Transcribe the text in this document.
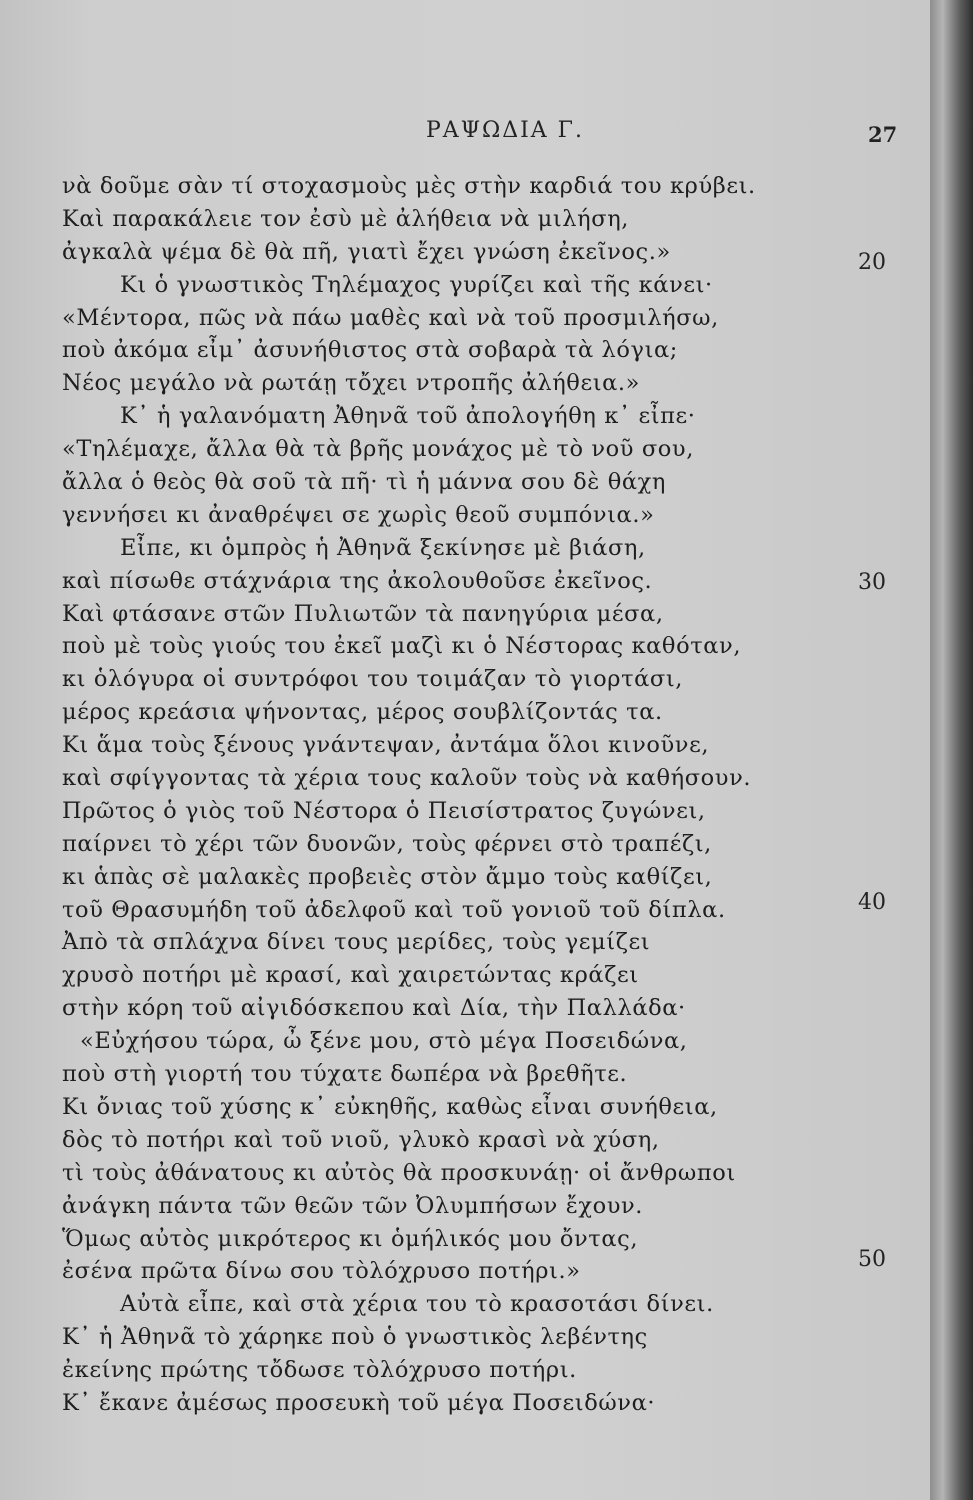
ΡΑΨΩΔΙΑ Γ.	27
νὰ δοῦμε σὰν τί στοχασμοὺς μὲς στὴν καρδιά του κρύβει.
Καὶ παρακάλειε τον ἐσὺ μὲ ἀλήθεια νὰ μιλήση,
ἀγκαλὰ ψέμα δὲ θὰ πῆ, γιατὶ ἔχει γνώση ἐκεῖνος.»
Κι ὁ γνωστικὸς Τηλέμαχος γυρίζει καὶ τῆς κάνει·
«Μέντορα, πῶς νὰ πάω μαθὲς καὶ νὰ τοῦ προσμιλήσω,
ποὺ ἀκόμα εἶμ᾿ ἀσυνήθιστος στὰ σοβαρὰ τὰ λόγια;
Νέος μεγάλο νὰ ρωτάῃ τὄχει ντροπῆς ἀλήθεια.»
Κ᾿ ἡ γαλανόματη Ἀθηνᾶ τοῦ ἀπολογήθη κ᾿ εἶπε·
«Τηλέμαχε, ἄλλα θὰ τὰ βρῆς μονάχος μὲ τὸ νοῦ σου,
ἄλλα ὁ θεὸς θὰ σοῦ τὰ πῆ· τὶ ἡ μάννα σου δὲ θάχη
γεννήσει κι ἀναθρέψει σε χωρὶς θεοῦ συμπόνια.»
Εἶπε, κι ὁμπρὸς ἡ Ἀθηνᾶ ξεκίνησε μὲ βιάση,
καὶ πίσωθε στάχνάρια της ἀκολουθοῦσε ἐκεῖνος.
Καὶ φτάσανε στῶν Πυλιωτῶν τὰ πανηγύρια μέσα,
ποὺ μὲ τοὺς γιούς του ἐκεῖ μαζὶ κι ὁ Νέστορας καθόταν,
κι ὁλόγυρα οἱ συντρόφοι του τοιμάζαν τὸ γιορτάσι,
μέρος κρεάσια ψήνοντας, μέρος σουβλίζοντάς τα.
Κι ἅμα τοὺς ξένους γνάντεψαν, ἀντάμα ὅλοι κινοῦνε,
καὶ σφίγγοντας τὰ χέρια τους καλοῦν τοὺς νὰ καθήσουν.
Πρῶτος ὁ γιὸς τοῦ Νέστορα ὁ Πεισίστρατος ζυγώνει,
παίρνει τὸ χέρι τῶν δυονῶν, τοὺς φέρνει στὸ τραπέζι,
κι ἁπὰς σὲ μαλακὲς προβειὲς στὸν ἄμμο τοὺς καθίζει,
τοῦ Θρασυμήδη τοῦ ἀδελφοῦ καὶ τοῦ γονιοῦ τοῦ δίπλα.
Ἀπὸ τὰ σπλάχνα δίνει τους μερίδες, τοὺς γεμίζει
χρυσὸ ποτήρι μὲ κρασί, καὶ χαιρετώντας κράζει
στὴν κόρη τοῦ αἰγιδόσκεπου καὶ Δία, τὴν Παλλάδα·
«Εὐχήσου τώρα, ὦ ξένε μου, στὸ μέγα Ποσειδώνα,
ποὺ στὴ γιορτή του τύχατε δωπέρα νὰ βρεθῆτε.
Κι ὄνιας τοῦ χύσης κ᾿ εὐκηθῆς, καθὼς εἶναι συνήθεια,
δὸς τὸ ποτήρι καὶ τοῦ νιοῦ, γλυκὸ κρασὶ νὰ χύση,
τὶ τοὺς ἀθάνατους κι αὐτὸς θὰ προσκυνάῃ· οἱ ἄνθρωποι
ἀνάγκη πάντα τῶν θεῶν τῶν Ὀλυμπήσων ἔχουν.
Ὅμως αὐτὸς μικρότερος κι ὁμήλικός μου ὄντας,
ἐσένα πρῶτα δίνω σου τὸλόχρυσο ποτήρι.»
Αὐτὰ εἶπε, καὶ στὰ χέρια του τὸ κρασοτάσι δίνει.
Κ᾿ ἡ Ἀθηνᾶ τὸ χάρηκε ποὺ ὁ γνωστικὸς λεβέντης
ἐκείνης πρώτης τὄδωσε τὸλόχρυσο ποτήρι.
Κ᾿ ἔκανε ἀμέσως προσευκὴ τοῦ μέγα Ποσειδώνα·
20
30
40
50
